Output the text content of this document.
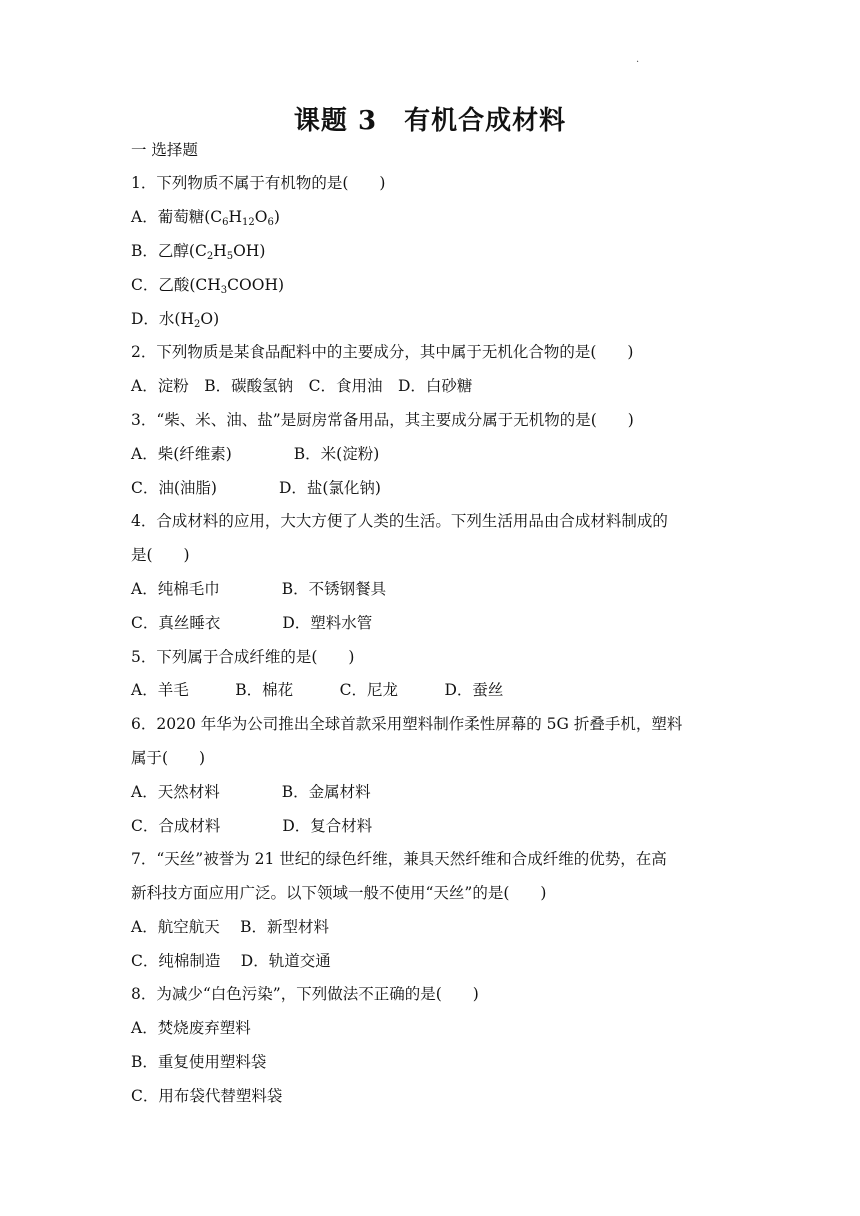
·
课题 3　有机合成材料
一 选择题
1．下列物质不属于有机物的是(　　)
A．葡萄糖$(C_6H_{12}O_6)$
B．乙醇$(C_2H_5OH)$
C．乙酸$(CH_3COOH)$
D．水$(H_2O)$
2．下列物质是某食品配料中的主要成分，其中属于无机化合物的是(　　)
A．淀粉　B．碳酸氢钠　C．食用油　D．白砂糖
3．“柴、米、油、盐”是厨房常备用品，其主要成分属于无机物的是(　　)
A．柴(纤维素)　　　　B．米(淀粉)
C．油(油脂)　　　　D．盐(氯化钠)
4．合成材料的应用，大大方便了人类的生活。下列生活用品由合成材料制成的
是(　　)
A．纯棉毛巾　　　　B．不锈钢餐具
C．真丝睡衣　　　　D．塑料水管
5．下列属于合成纤维的是(　　)
A．羊毛　　　B．棉花　　　C．尼龙　　　D．蚕丝
6．2020 年华为公司推出全球首款采用塑料制作柔性屏幕的 5G 折叠手机，塑料
属于(　　)
A．天然材料　　　　B．金属材料
C．合成材料　　　　D．复合材料
7．“天丝”被誉为 21 世纪的绿色纤维，兼具天然纤维和合成纤维的优势，在高
新科技方面应用广泛。以下领域一般不使用“天丝”的是(　　)
A．航空航天　 B．新型材料
C．纯棉制造　 D．轨道交通
8．为减少“白色污染”，下列做法不正确的是(　　)
A．焚烧废弃塑料
B．重复使用塑料袋
C．用布袋代替塑料袋
